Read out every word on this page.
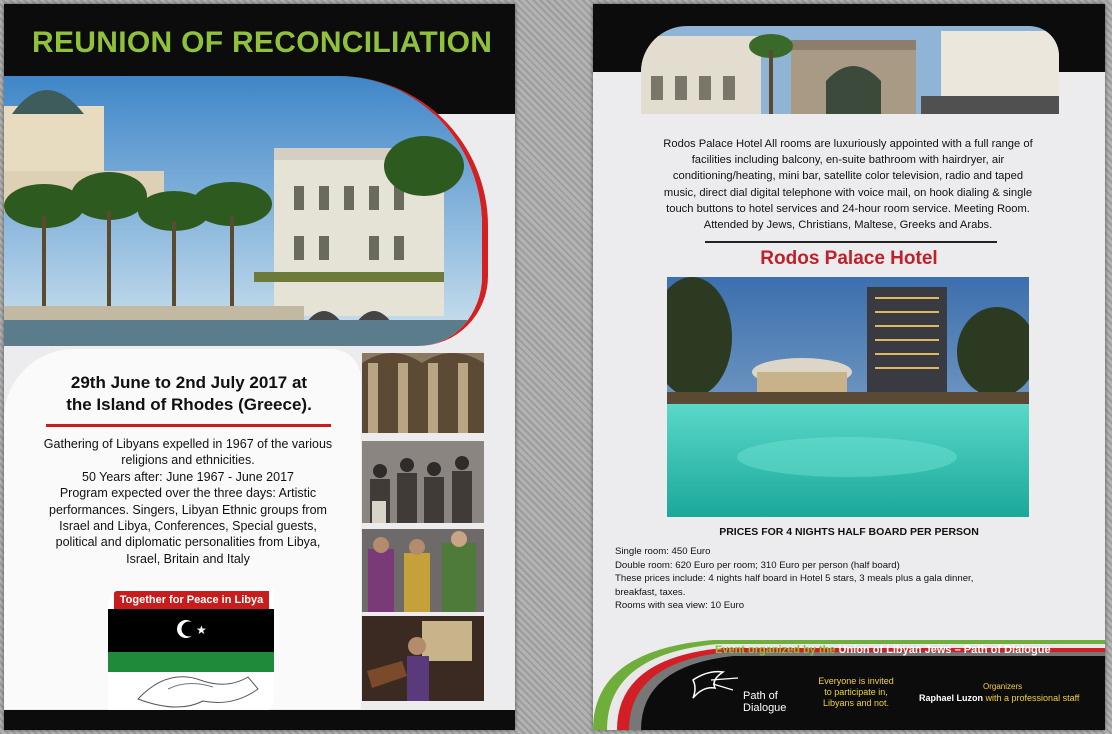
REUNION OF RECONCILIATION
29th June to 2nd July 2017 at
the Island of Rhodes (Greece).
Gathering of Libyans expelled in 1967 of the various
religions and ethnicities.
50 Years after: June 1967 - June 2017
Program expected over the three days: Artistic
performances. Singers, Libyan Ethnic groups from
Israel and Libya, Conferences, Special guests,
political and diplomatic personalities from Libya,
Israel, Britain and Italy
★
Together for Peace in Libya
Rodos Palace Hotel All rooms are luxuriously appointed with a full range of
facilities including balcony, en-suite bathroom with hairdryer, air
conditioning/heating, mini bar, satellite color television, radio and taped
music, direct dial digital telephone with voice mail, on hook dialing & single
touch buttons to hotel services and 24-hour room service. Meeting Room.
Attended by Jews, Christians, Maltese, Greeks and Arabs.
Rodos Palace Hotel
PRICES FOR 4 NIGHTS HALF BOARD PER PERSON
Single room: 450 Euro
Double room: 620 Euro per room; 310 Euro per person (half board)
These prices include: 4 nights half board in Hotel 5 stars, 3 meals plus a gala dinner,
breakfast, taxes.
Rooms with sea view: 10 Euro
Event organized by the Union of Libyan Jews – Path of Dialogue
Path of
Dialogue
Everyone is invited
to participate in,
Libyans and not.
Organizers
Raphael Luzon with a professional staff
